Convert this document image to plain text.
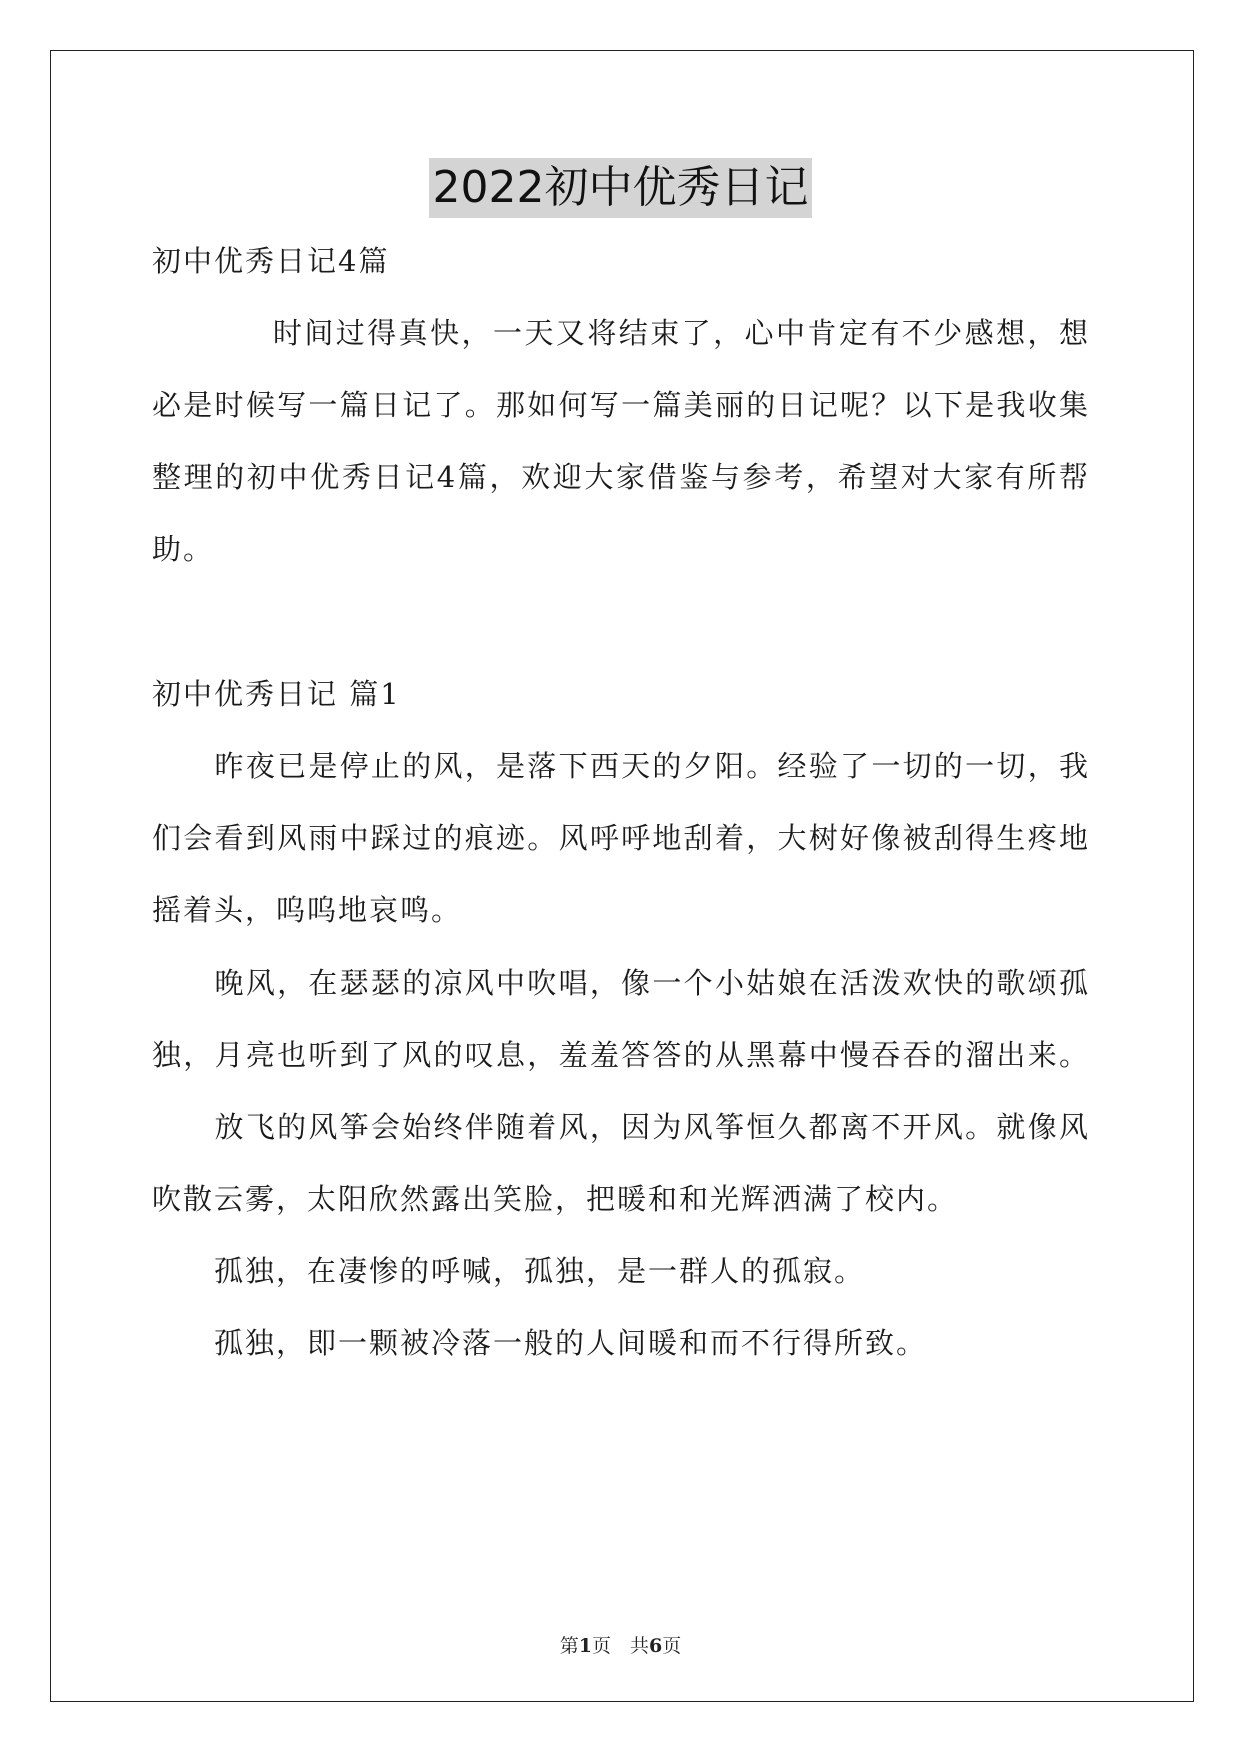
2022初中优秀日记
初中优秀日记4篇
　　时间过得真快，一天又将结束了，心中肯定有不少感想，想
必是时候写一篇日记了。那如何写一篇美丽的日记呢？以下是我收集
整理的初中优秀日记4篇，欢迎大家借鉴与参考，希望对大家有所帮
助。
初中优秀日记 篇1
　　昨夜已是停止的风，是落下西天的夕阳。经验了一切的一切，我
们会看到风雨中踩过的痕迹。风呼呼地刮着，大树好像被刮得生疼地
摇着头，呜呜地哀鸣。
　　晚风，在瑟瑟的凉风中吹唱，像一个小姑娘在活泼欢快的歌颂孤
独，月亮也听到了风的叹息，羞羞答答的从黑幕中慢吞吞的溜出来。
　　放飞的风筝会始终伴随着风，因为风筝恒久都离不开风。就像风
吹散云雾，太阳欣然露出笑脸，把暖和和光辉洒满了校内。
　　孤独，在凄惨的呼喊，孤独，是一群人的孤寂。
　　孤独，即一颗被冷落一般的人间暖和而不行得所致。
第1页　共6页
